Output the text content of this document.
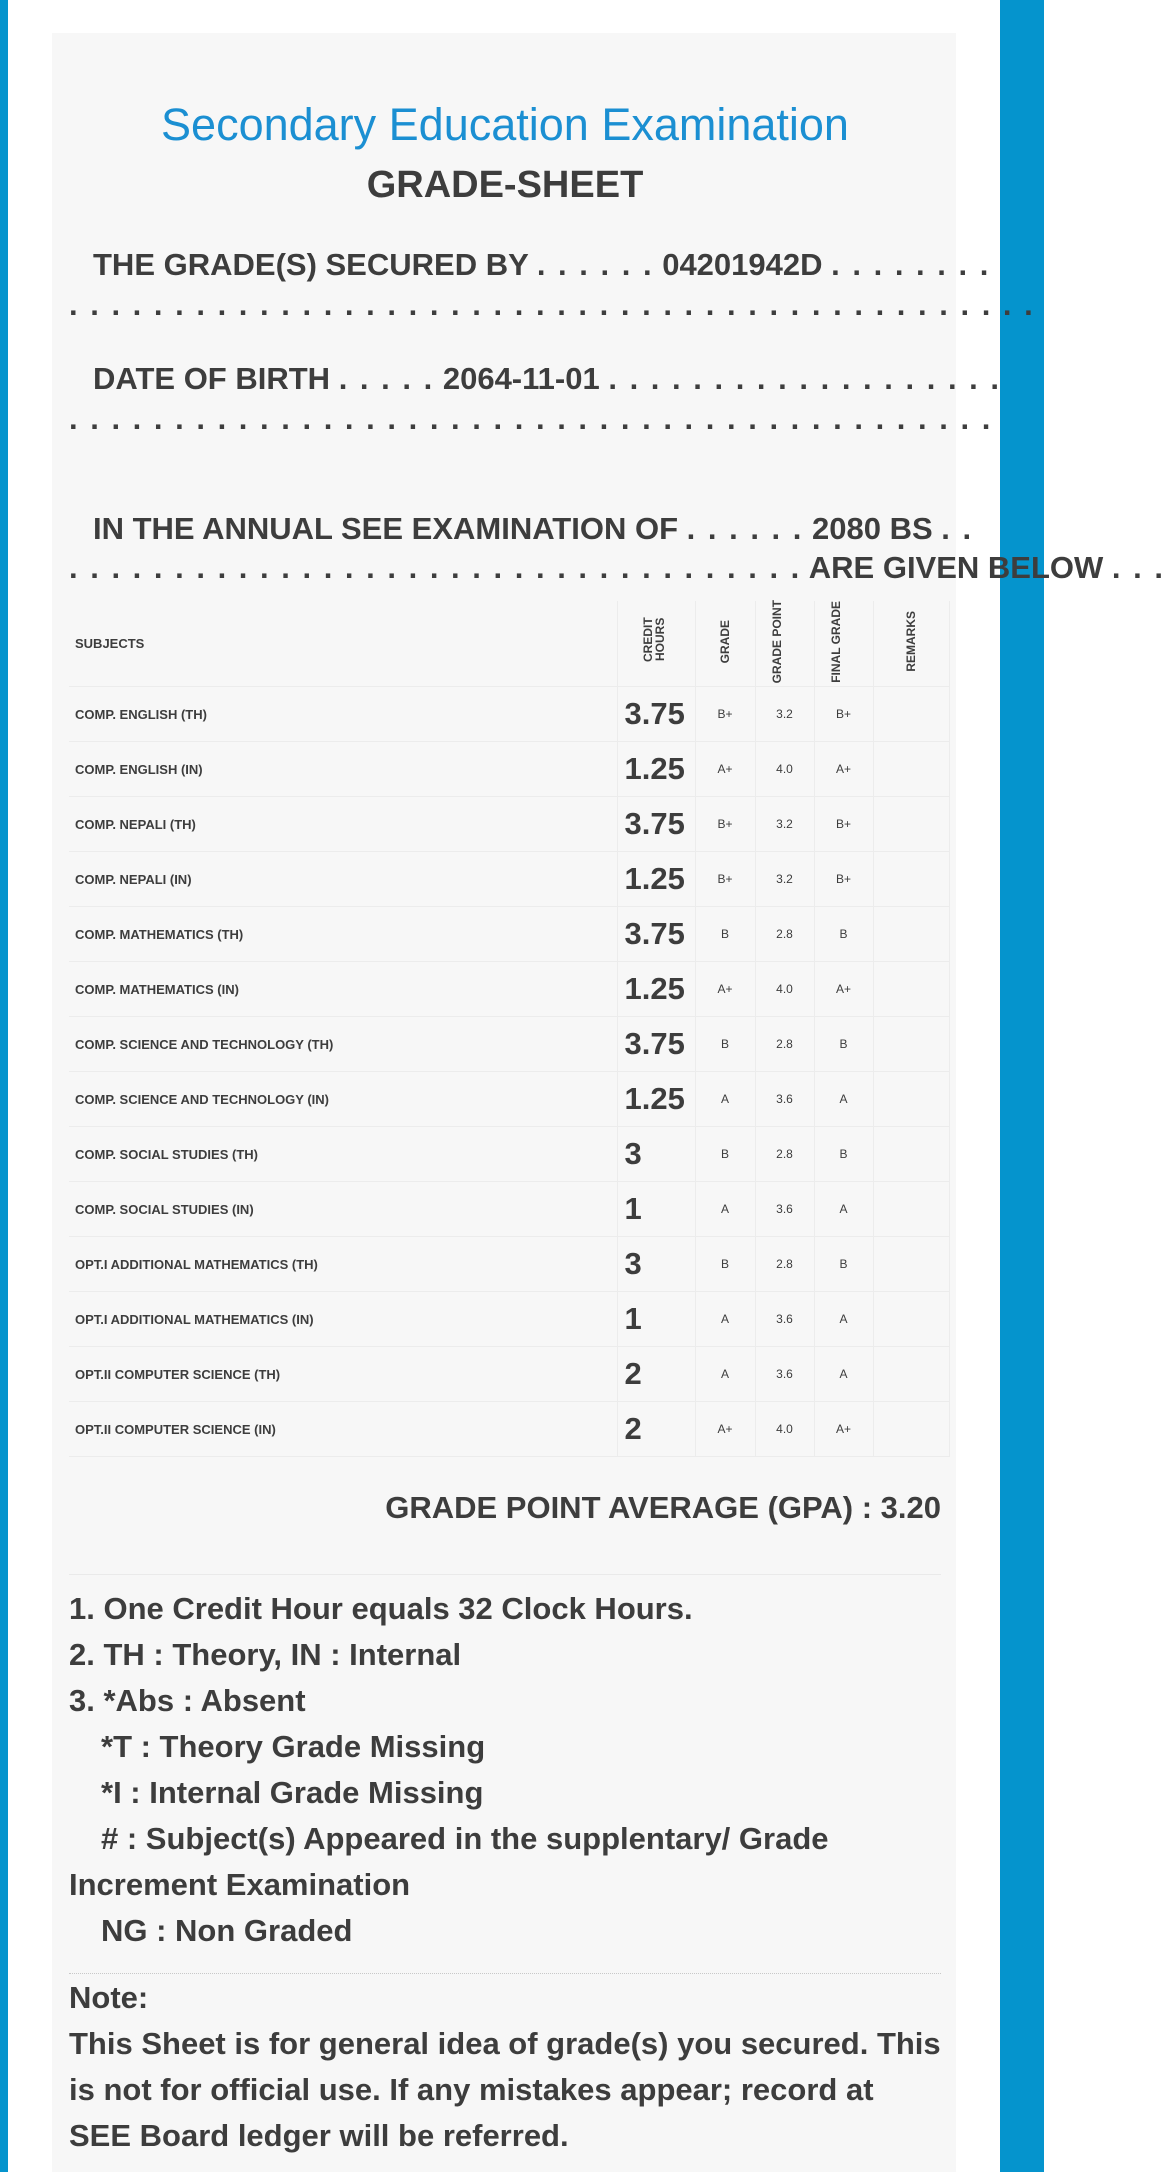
Secondary Education Examination
GRADE-SHEET
THE GRADE(S) SECURED BY . . . . . . 04201942D . . . . . . . .
. . . . . . . . . . . . . . . . . . . . . . . . . . . . . . . . . . . . . . . . . . . . . .
DATE OF BIRTH . . . . . 2064-11-01 . . . . . . . . . . . . . . . . . . .
. . . . . . . . . . . . . . . . . . . . . . . . . . . . . . . . . . . . . . . . . . . .
IN THE ANNUAL SEE EXAMINATION OF . . . . . . 2080 BS . .
. . . . . . . . . . . . . . . . . . . . . . . . . . . . . . . . . . . ARE GIVEN BELOW . . .
SUBJECTS	CREDIT HOURS	GRADE	GRADE POINT	FINAL GRADE	REMARKS
COMP. ENGLISH (TH)	3.75	B+	3.2	B+	
COMP. ENGLISH (IN)	1.25	A+	4.0	A+	
COMP. NEPALI (TH)	3.75	B+	3.2	B+	
COMP. NEPALI (IN)	1.25	B+	3.2	B+	
COMP. MATHEMATICS (TH)	3.75	B	2.8	B	
COMP. MATHEMATICS (IN)	1.25	A+	4.0	A+	
COMP. SCIENCE AND TECHNOLOGY (TH)	3.75	B	2.8	B	
COMP. SCIENCE AND TECHNOLOGY (IN)	1.25	A	3.6	A	
COMP. SOCIAL STUDIES (TH)	3	B	2.8	B	
COMP. SOCIAL STUDIES (IN)	1	A	3.6	A	
OPT.I ADDITIONAL MATHEMATICS (TH)	3	B	2.8	B	
OPT.I ADDITIONAL MATHEMATICS (IN)	1	A	3.6	A	
OPT.II COMPUTER SCIENCE (TH)	2	A	3.6	A	
OPT.II COMPUTER SCIENCE (IN)	2	A+	4.0	A+	
GRADE POINT AVERAGE (GPA) : 3.20
1. One Credit Hour equals 32 Clock Hours.
2. TH : Theory, IN : Internal
3. *Abs : Absent
*T : Theory Grade Missing
*I : Internal Grade Missing
# : Subject(s) Appeared in the supplentary/ Grade
Increment Examination
NG : Non Graded
Note:
This Sheet is for general idea of grade(s) you secured. This is not for official use. If any mistakes appear; record at SEE Board ledger will be referred.
